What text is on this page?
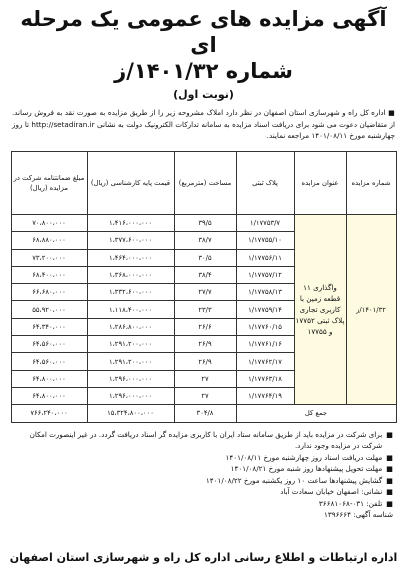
آگهی مزایده های عمومی یک مرحله ای
شماره ۱۴۰۱/۳۲/ز
(نوبت اول)
■ اداره کل راه و شهرسازی استان اصفهان در نظر دارد املاک مشروحه زیر را از طریق مزایده به صورت نقد به فروش رساند. از متقاضیان دعوت می شود برای دریافت اسناد مزایده به سامانه تدارکات الکترونیک دولت به نشانی http://setadiran.ir تا روز چهارشنبه مورخ ۱۴۰۱/۰۸/۱۱ مراجعه نمایند.
شماره مزایده	عنوان مزایده	پلاک ثبتی	مساحت (مترمربع)	قیمت پایه کارشناسی (ریال)	مبلغ ضمانتنامه شرکت در مزایده (ریال)
۱۴۰۱/۳۲/ز	واگذاری ۱۱ قطعه زمین با کاربری تجاری پلاک ثبتی ۱۷۷۵۲ و ۱۷۷۵۵	۱/۱۷۷۵۳/۷	۳۹/۵	۱،۴۱۶،۰۰۰،۰۰۰	۷۰،۸۰۰،۰۰۰
		۱/۱۷۷۵۵/۱۰	۳۸/۷	۱،۳۷۷،۶۰۰،۰۰۰	۶۸،۸۸۰،۰۰۰
		۱/۱۷۷۵۶/۱۱	۳۰/۵	۱،۴۶۴،۰۰۰،۰۰۰	۷۳،۲۰۰،۰۰۰
		۱/۱۷۷۵۷/۱۲	۳۸/۴	۱،۳۶۸،۰۰۰،۰۰۰	۶۸،۴۰۰،۰۰۰
		۱/۱۷۷۵۸/۱۳	۲۷/۷	۱،۳۳۲،۶۰۰،۰۰۰	۶۶،۶۸۰،۰۰۰
		۱/۱۷۷۵۹/۱۴	۲۳/۳	۱،۱۱۸،۴۰۰،۰۰۰	۵۵،۹۲۰،۰۰۰
		۱/۱۷۷۶۰/۱۵	۲۶/۶	۱،۲۸۶،۸۰۰،۰۰۰	۶۴،۳۴۰،۰۰۰
		۱/۱۷۷۶۱/۱۶	۲۶/۹	۱،۲۹۱،۲۰۰،۰۰۰	۶۴،۵۶۰،۰۰۰
		۱/۱۷۷۶۲/۱۷	۲۶/۹	۱،۲۹۱،۲۰۰،۰۰۰	۶۴،۵۶۰،۰۰۰
		۱/۱۷۷۶۳/۱۸	۲۷	۱،۲۹۶،۰۰۰،۰۰۰	۶۴،۸۰۰،۰۰۰
		۱/۱۷۷۶۴/۱۹	۲۷	۱،۲۹۶،۰۰۰،۰۰۰	۶۴،۸۰۰،۰۰۰
جمع کل			۳۰۴/۸	۱۵،۳۲۴،۸۰۰،۰۰۰	۷۶۶،۲۴۰،۰۰۰
■
برای شرکت در مزایده باید از طریق سامانه ستاد ایران با کاربری مزایده گر اسناد دریافت گردد. در غیر اینصورت امکان شرکت در مزایده وجود ندارد.
■
مهلت دریافت اسناد روز چهارشنبه مورخ ۱۴۰۱/۰۸/۱۱
■
مهلت تحویل پیشنهادها روز شنبه مورخ ۱۴۰۱/۰۸/۲۱
■
گشایش پیشنهادها ساعت ۱۰ روز یکشنبه مورخ ۱۴۰۱/۰۸/۲۲
■
نشانی: اصفهان خیابان سعادت آباد
■
تلفن: ۰۳۱-۳۶۶۸۱۰۶۸
شناسه آگهی: ۱۳۹۶۶۶۴
اداره ارتباطات و اطلاع رسانی اداره کل راه و شهرسازی استان اصفهان
